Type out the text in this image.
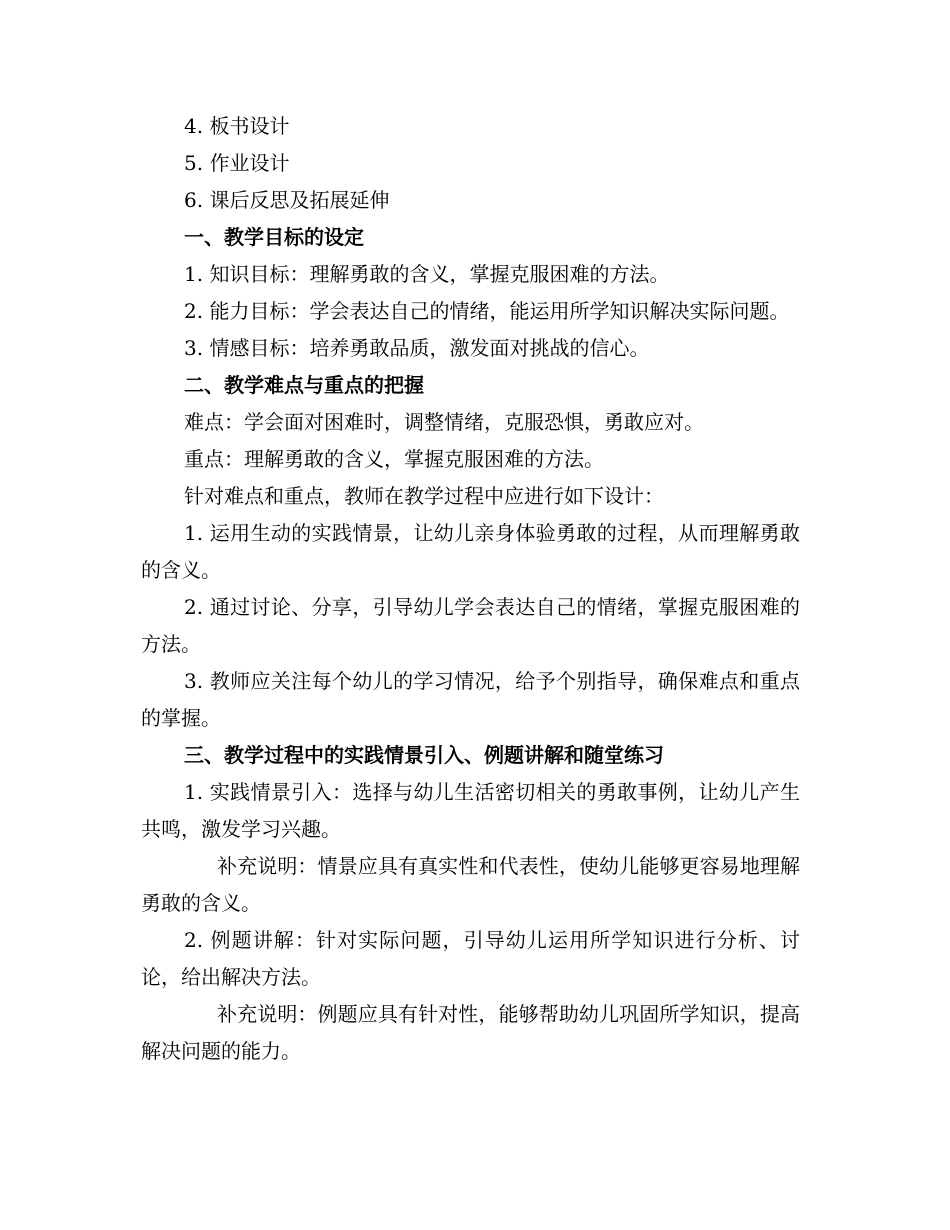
4. 板书设计

5. 作业设计

6. 课后反思及拓展延伸

一、教学目标的设定

1. 知识目标：理解勇敢的含义，掌握克服困难的方法。

2. 能力目标：学会表达自己的情绪，能运用所学知识解决实际问题。

3. 情感目标：培养勇敢品质，激发面对挑战的信心。

二、教学难点与重点的把握

难点：学会面对困难时，调整情绪，克服恐惧，勇敢应对。

重点：理解勇敢的含义，掌握克服困难的方法。

针对难点和重点，教师在教学过程中应进行如下设计：

1. 运用生动的实践情景，让幼儿亲身体验勇敢的过程，从而理解勇敢的含义。

2. 通过讨论、分享，引导幼儿学会表达自己的情绪，掌握克服困难的方法。

3. 教师应关注每个幼儿的学习情况，给予个别指导，确保难点和重点的掌握。

三、教学过程中的实践情景引入、例题讲解和随堂练习

1. 实践情景引入：选择与幼儿生活密切相关的勇敢事例，让幼儿产生共鸣，激发学习兴趣。

补充说明：情景应具有真实性和代表性，使幼儿能够更容易地理解勇敢的含义。

2. 例题讲解：针对实际问题，引导幼儿运用所学知识进行分析、讨论，给出解决方法。

补充说明：例题应具有针对性，能够帮助幼儿巩固所学知识，提高解决问题的能力。
